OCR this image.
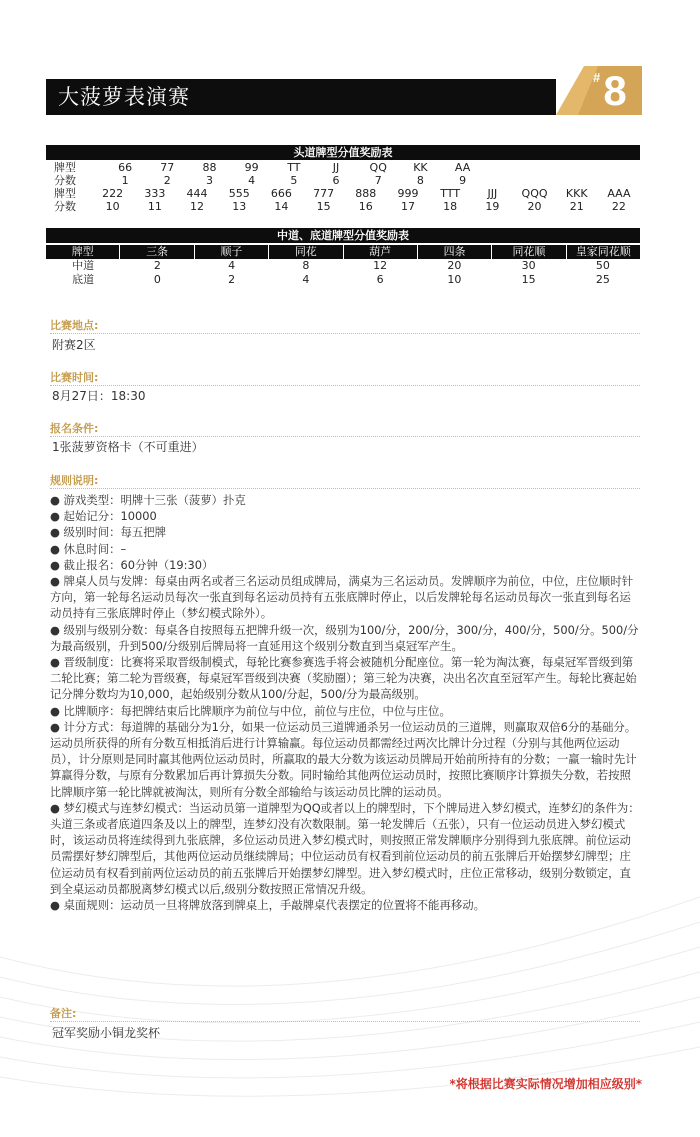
大菠萝表演赛
# 8
头道牌型分值奖励表
牌型	66	77	88	99	TT	JJ	QQ	KK	AA
分数	1	2	3	4	5	6	7	8	9
牌型	222	333	444	555	666	777	888	999	TTT	JJJ	QQQ	KKK	AAA
分数	10	11	12	13	14	15	16	17	18	19	20	21	22
中道、底道牌型分值奖励表
牌型	三条	顺子	同花	葫芦	四条	同花顺	皇家同花顺
中道	2	4	8	12	20	30	50
底道	0	2	4	6	10	15	25
比赛地点:
附赛2区
比赛时间:
8月27日：18:30
报名条件:
1张菠萝资格卡（不可重进）
规则说明:

● 游戏类型：明牌十三张（菠萝）扑克

● 起始记分：10000

● 级别时间：每五把牌

● 休息时间：–

● 截止报名：60分钟（19:30）

● 牌桌人员与发牌：每桌由两名或者三名运动员组成牌局，满桌为三名运动员。发牌顺序为前位，中位，庄位顺时针方向，第一轮每名运动员每次一张直到每名运动员持有五张底牌时停止，以后发牌轮每名运动员每次一张直到每名运动员持有三张底牌时停止（梦幻模式除外）。

● 级别与级别分数：每桌各自按照每五把牌升级一次，级别为100/分，200/分，300/分，400/分，500/分。500/分为最高级别，升到500/分级别后牌局将一直延用这个级别分数直到当桌冠军产生。

● 晋级制度：比赛将采取晋级制模式，每轮比赛参赛选手将会被随机分配座位。第一轮为淘汰赛，每桌冠军晋级到第二轮比赛；第二轮为晋级赛，每桌冠军晋级到决赛（奖励圈）；第三轮为决赛，决出名次直至冠军产生。每轮比赛起始记分牌分数均为10,000，起始级别分数从100/分起，500/分为最高级别。

● 比牌顺序：每把牌结束后比牌顺序为前位与中位，前位与庄位，中位与庄位。

● 计分方式：每道牌的基础分为1分，如果一位运动员三道牌通杀另一位运动员的三道牌，则赢取双倍6分的基础分。运动员所获得的所有分数互相抵消后进行计算输赢。每位运动员都需经过两次比牌计分过程（分别与其他两位运动员），计分原则是同时赢其他两位运动员时，所赢取的最大分数为该运动员牌局开始前所持有的分数；一赢一输时先计算赢得分数，与原有分数累加后再计算损失分数。同时输给其他两位运动员时，按照比赛顺序计算损失分数，若按照比牌顺序第一轮比牌就被淘汰，则所有分数全部输给与该运动员比牌的运动员。

● 梦幻模式与连梦幻模式：当运动员第一道牌型为QQ或者以上的牌型时，下个牌局进入梦幻模式，连梦幻的条件为：头道三条或者底道四条及以上的牌型，连梦幻没有次数限制。第一轮发牌后（五张），只有一位运动员进入梦幻模式时，该运动员将连续得到九张底牌，多位运动员进入梦幻模式时，则按照正常发牌顺序分别得到九张底牌。前位运动员需摆好梦幻牌型后，其他两位运动员继续牌局；中位运动员有权看到前位运动员的前五张牌后开始摆梦幻牌型；庄位运动员有权看到前两位运动员的前五张牌后开始摆梦幻牌型。进入梦幻模式时，庄位正常移动，级别分数锁定，直到全桌运动员都脱离梦幻模式以后,级别分数按照正常情况升级。

● 桌面规则：运动员一旦将牌放落到牌桌上，手敲牌桌代表摆定的位置将不能再移动。

备注:
冠军奖励小铜龙奖杯
*将根据比赛实际情况增加相应级别*
